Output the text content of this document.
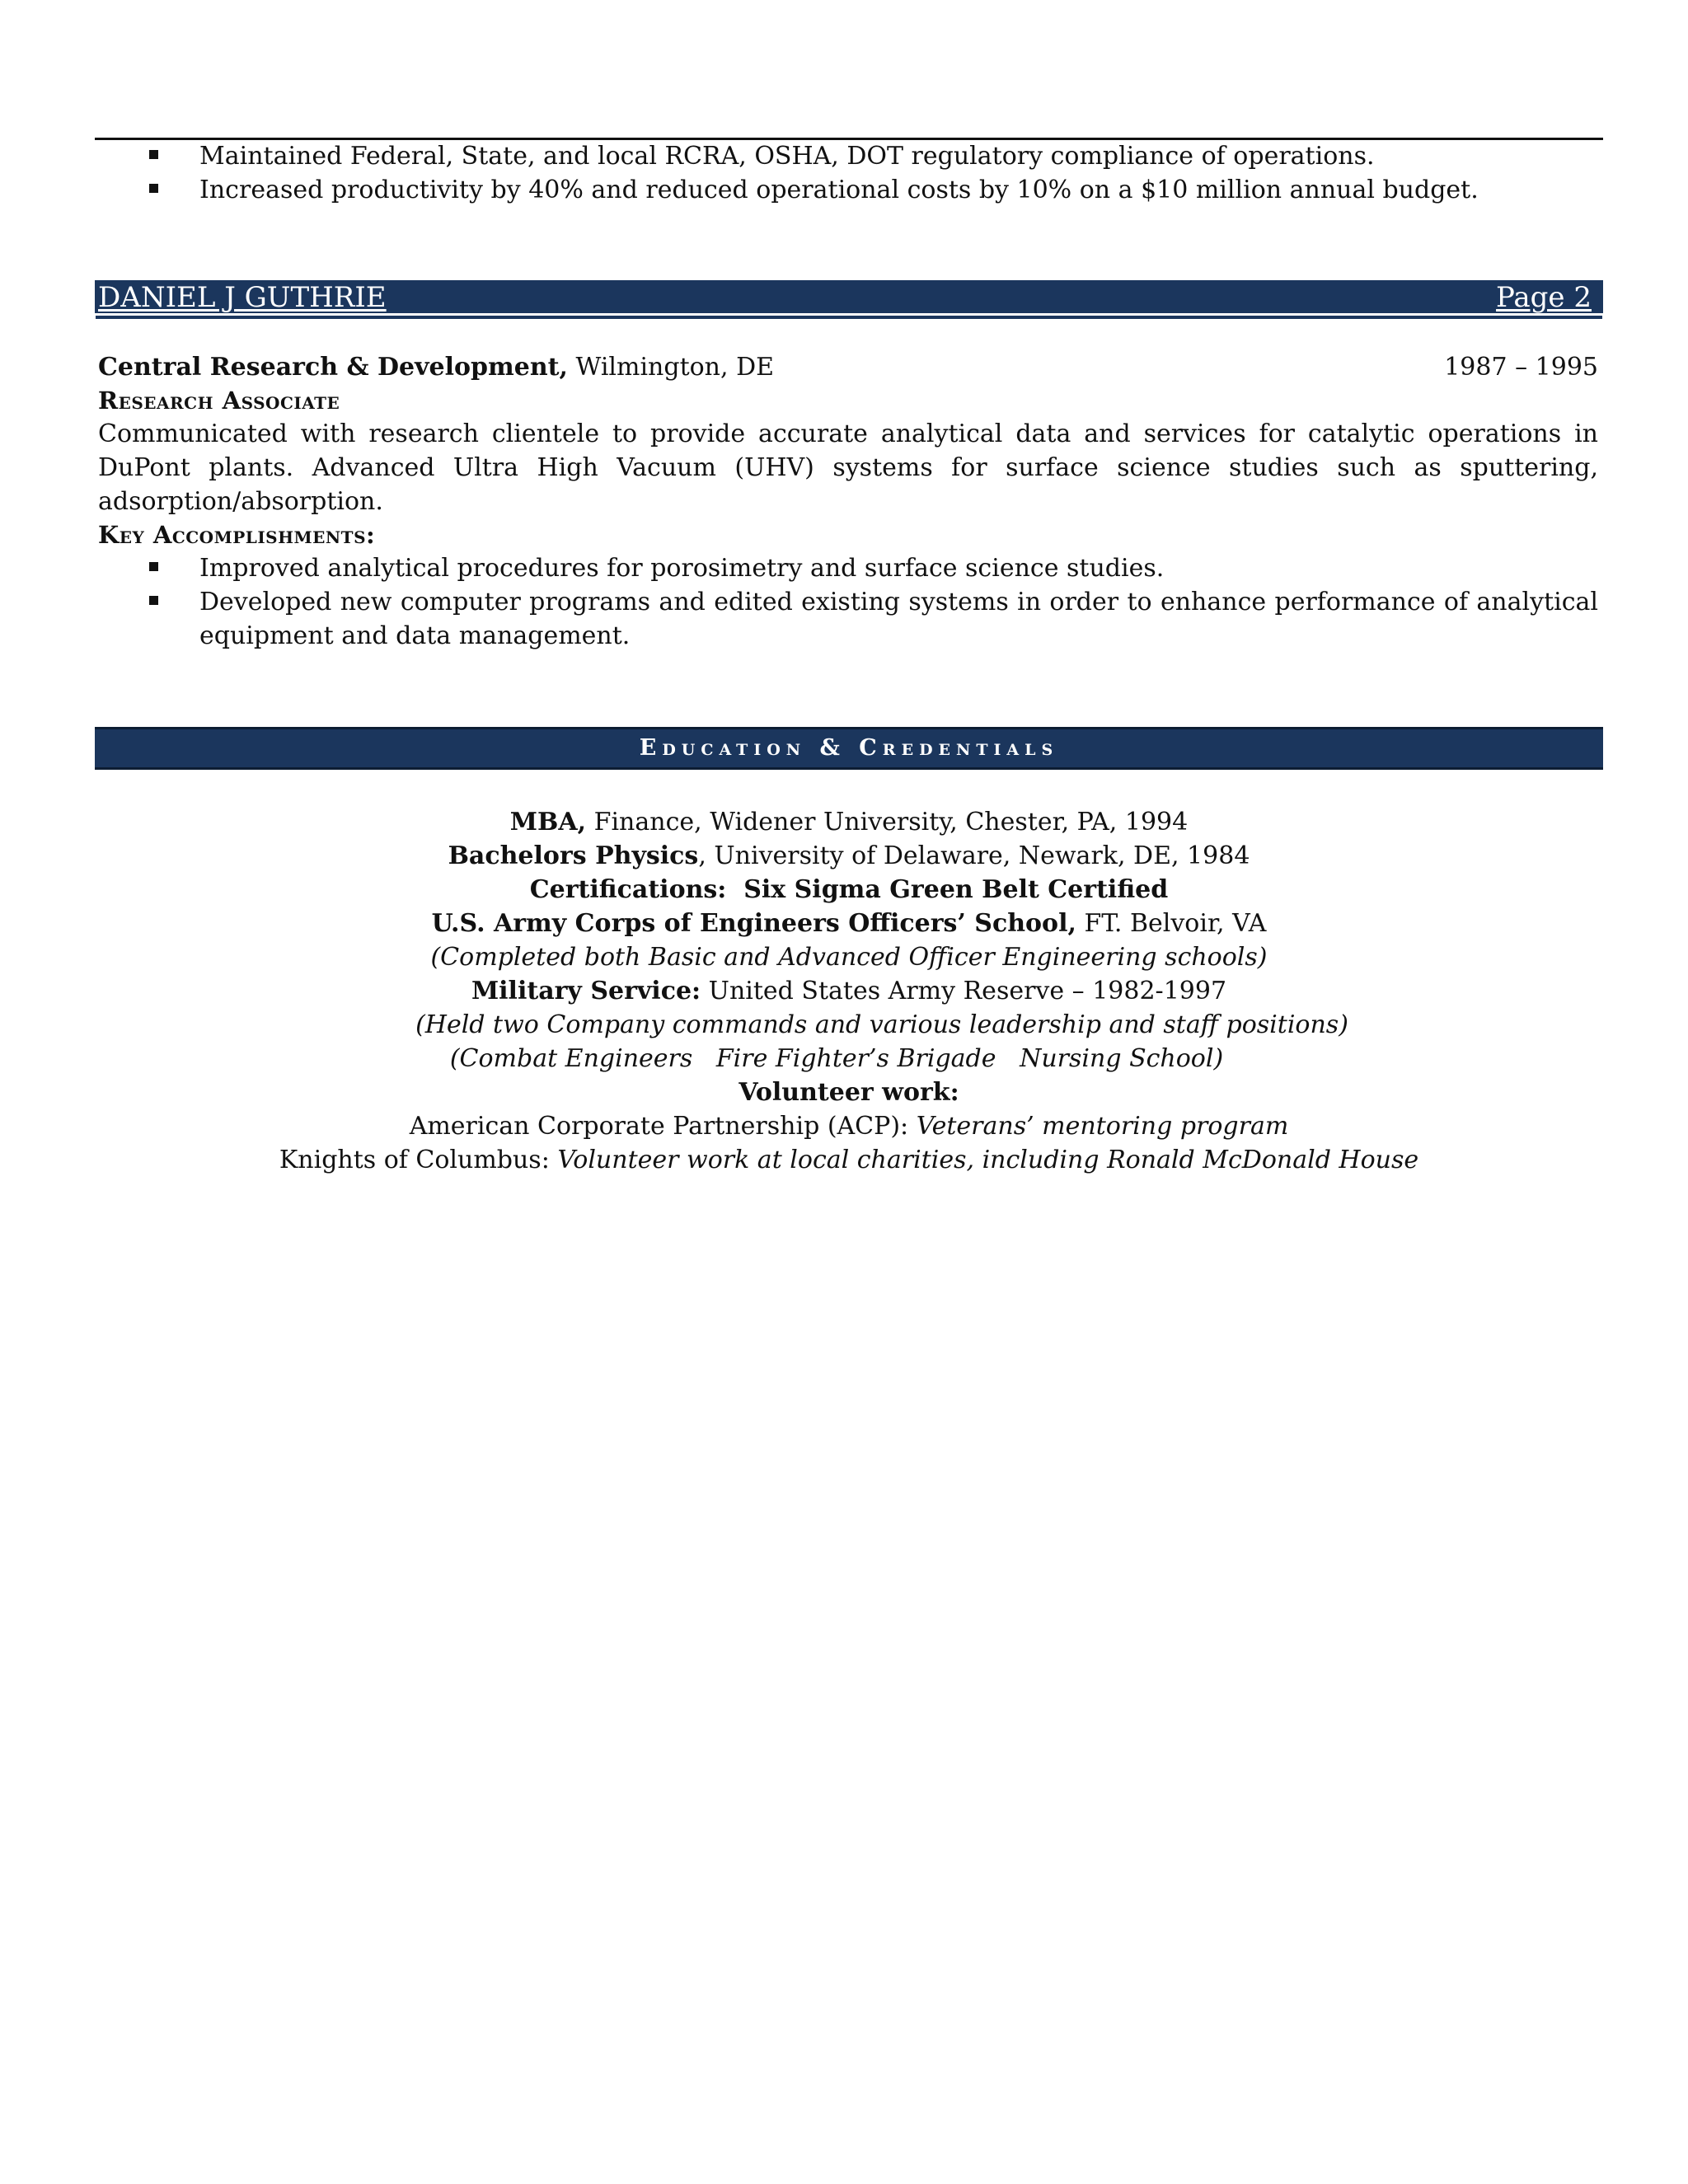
Maintained Federal, State, and local RCRA, OSHA, DOT regulatory compliance of operations.
Increased productivity by 40% and reduced operational costs by 10% on a $10 million annual budget.
DANIEL J GUTHRIE	Page 2
Central Research & Development, Wilmington, DE	1987 – 1995
Research Associate

Communicated with research clientele to provide accurate analytical data and services for catalytic operations in DuPont plants. Advanced Ultra High Vacuum (UHV) systems for surface science studies such as sputtering, adsorption/absorption.

Key Accomplishments:
Improved analytical procedures for porosimetry and surface science studies.
Developed new computer programs and edited existing systems in order to enhance performance of analytical equipment and data management.
Education & Credentials
MBA, Finance, Widener University, Chester, PA, 1994
Bachelors Physics, University of Delaware, Newark, DE, 1984
Certifications:  Six Sigma Green Belt Certified
U.S. Army Corps of Engineers Officers’ School, FT. Belvoir, VA
(Completed both Basic and Advanced Officer Engineering schools)
Military Service: United States Army Reserve – 1982-1997
(Held two Company commands and various leadership and staff positions)
(Combat Engineers   Fire Fighter’s Brigade   Nursing School)
Volunteer work:
American Corporate Partnership (ACP): Veterans’ mentoring program
Knights of Columbus: Volunteer work at local charities, including Ronald McDonald House
